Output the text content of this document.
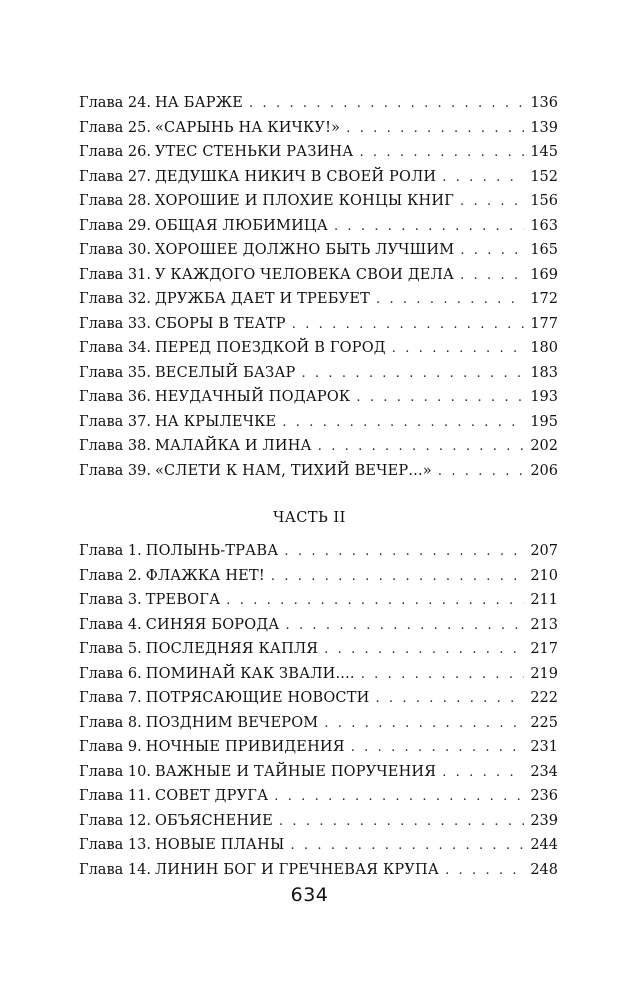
Глава 24. НА БАРЖЕ . . .	136
Глава 25. «САРЫНЬ НА КИЧКУ!» . . .	139
Глава 26. УТЕС СТЕНЬКИ РАЗИНА . . .	145
Глава 27. ДЕДУШКА НИКИЧ В СВОЕЙ РОЛИ . . .	152
Глава 28. ХОРОШИЕ И ПЛОХИЕ КОНЦЫ КНИГ . . .	156
Глава 29. ОБЩАЯ ЛЮБИМИЦА . . .	163
Глава 30. ХОРОШЕЕ ДОЛЖНО БЫТЬ ЛУЧШИМ . . .	165
Глава 31. У КАЖДОГО ЧЕЛОВЕКА СВОИ ДЕЛА . . .	169
Глава 32. ДРУЖБА ДАЕТ И ТРЕБУЕТ . . .	172
Глава 33. СБОРЫ В ТЕАТР . . .	177
Глава 34. ПЕРЕД ПОЕЗДКОЙ В ГОРОД . . .	180
Глава 35. ВЕСЕЛЫЙ БАЗАР . . .	183
Глава 36. НЕУДАЧНЫЙ ПОДАРОК . . .	193
Глава 37. НА КРЫЛЕЧКЕ . . .	195
Глава 38. МАЛАЙКА И ЛИНА . . .	202
Глава 39. «СЛЕТИ К НАМ, ТИХИЙ ВЕЧЕР...» . . .	206
ЧАСТЬ II
Глава 1. ПОЛЫНЬ-ТРАВА . . .	207
Глава 2. ФЛАЖКА НЕТ! . . .	210
Глава 3. ТРЕВОГА . . .	211
Глава 4. СИНЯЯ БОРОДА . . .	213
Глава 5. ПОСЛЕДНЯЯ КАПЛЯ . . .	217
Глава 6. ПОМИНАЙ КАК ЗВАЛИ.... . . .	219
Глава 7. ПОТРЯСАЮЩИЕ НОВОСТИ . . .	222
Глава 8. ПОЗДНИМ ВЕЧЕРОМ . . .	225
Глава 9. НОЧНЫЕ ПРИВИДЕНИЯ . . .	231
Глава 10. ВАЖНЫЕ И ТАЙНЫЕ ПОРУЧЕНИЯ . . .	234
Глава 11. СОВЕТ ДРУГА . . .	236
Глава 12. ОБЪЯСНЕНИЕ . . .	239
Глава 13. НОВЫЕ ПЛАНЫ . . .	244
Глава 14. ЛИНИН БОГ И ГРЕЧНЕВАЯ КРУПА . . .	248
634
